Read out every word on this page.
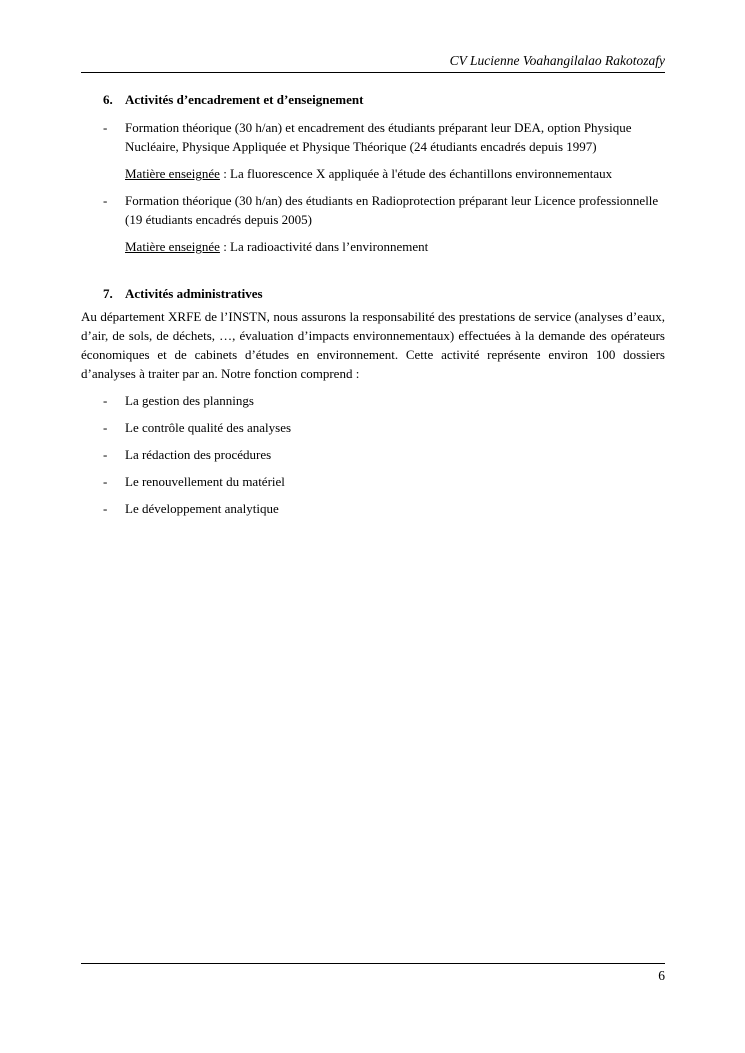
CV Lucienne Voahangilalao Rakotozafy
6. Activités d’encadrement et d’enseignement
- Formation théorique (30 h/an) et encadrement des étudiants préparant leur DEA, option Physique Nucléaire, Physique Appliquée et Physique Théorique (24 étudiants encadrés depuis 1997)
Matière enseignée : La fluorescence X appliquée à l'étude des échantillons environnementaux
- Formation théorique (30 h/an) des étudiants en Radioprotection préparant leur Licence professionnelle (19 étudiants encadrés depuis 2005)
Matière enseignée : La radioactivité dans l’environnement
7. Activités administratives
Au département XRFE de l’INSTN, nous assurons la responsabilité des prestations de service (analyses d’eaux, d’air, de sols, de déchets, …, évaluation d’impacts environnementaux) effectuées à la demande des opérateurs économiques et de cabinets d’études en environnement. Cette activité représente environ 100 dossiers d’analyses à traiter par an. Notre fonction comprend :
- La gestion des plannings
- Le contrôle qualité des analyses
- La rédaction des procédures
- Le renouvellement du matériel
- Le développement analytique
6
